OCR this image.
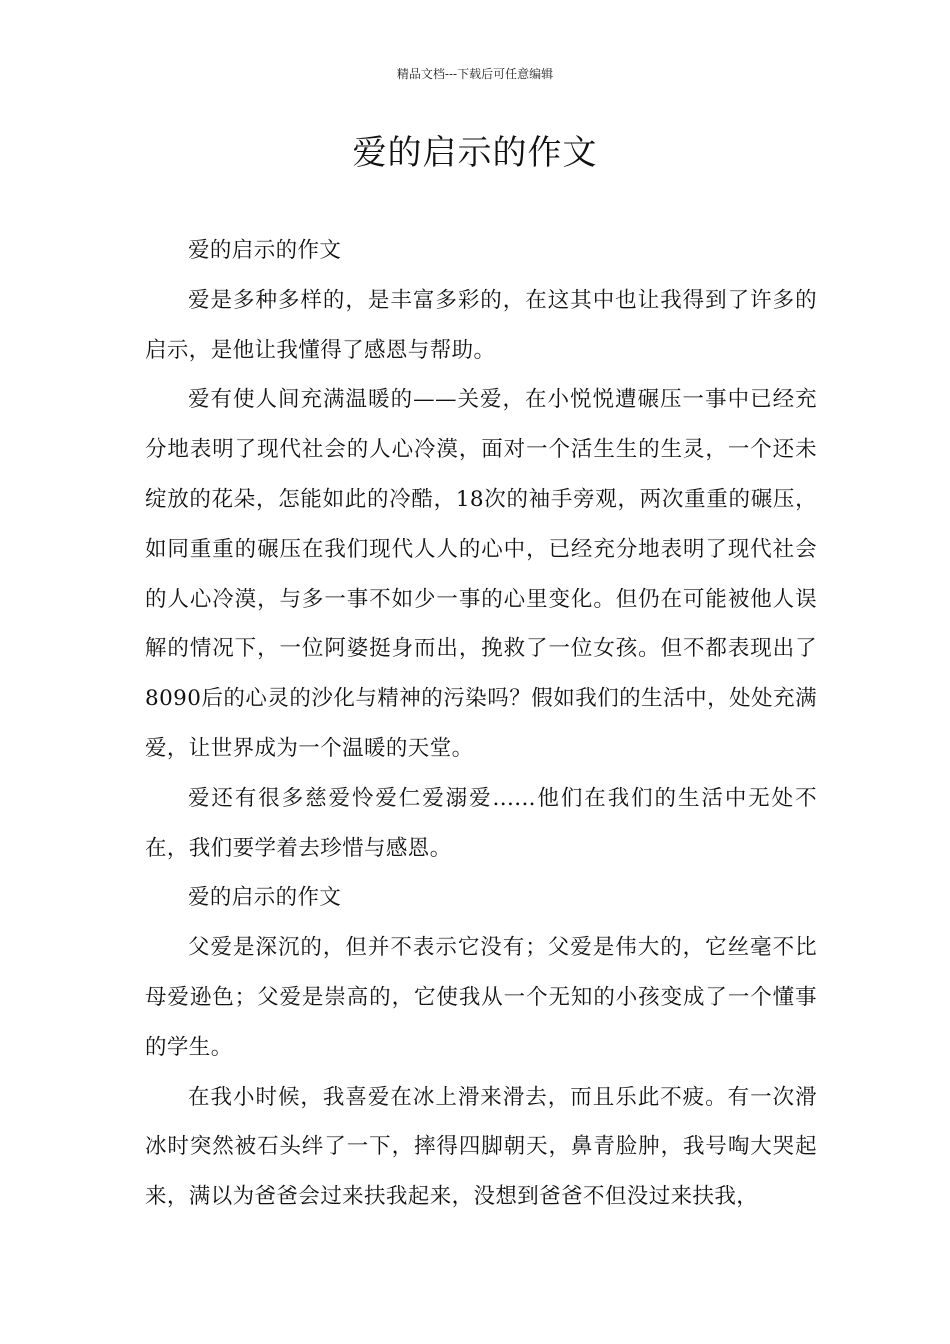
精品文档---下载后可任意编辑
爱的启示的作文

爱的启示的作文

爱是多种多样的，是丰富多彩的，在这其中也让我得到了许多的启示，是他让我懂得了感恩与帮助。

爱有使人间充满温暖的——关爱，在小悦悦遭碾压一事中已经充分地表明了现代社会的人心冷漠，面对一个活生生的生灵，一个还未绽放的花朵，怎能如此的冷酷，18次的袖手旁观，两次重重的碾压，如同重重的碾压在我们现代人人的心中，已经充分地表明了现代社会的人心冷漠，与多一事不如少一事的心里变化。但仍在可能被他人误解的情况下，一位阿婆挺身而出，挽救了一位女孩。但不都表现出了8090后的心灵的沙化与精神的污染吗？假如我们的生活中，处处充满爱，让世界成为一个温暖的天堂。

爱还有很多慈爱怜爱仁爱溺爱......他们在我们的生活中无处不在，我们要学着去珍惜与感恩。

爱的启示的作文

父爱是深沉的，但并不表示它没有；父爱是伟大的，它丝毫不比母爱逊色；父爱是崇高的，它使我从一个无知的小孩变成了一个懂事的学生。

在我小时候，我喜爱在冰上滑来滑去，而且乐此不疲。有一次滑冰时突然被石头绊了一下，摔得四脚朝天，鼻青脸肿，我号啕大哭起来，满以为爸爸会过来扶我起来，没想到爸爸不但没过来扶我，
